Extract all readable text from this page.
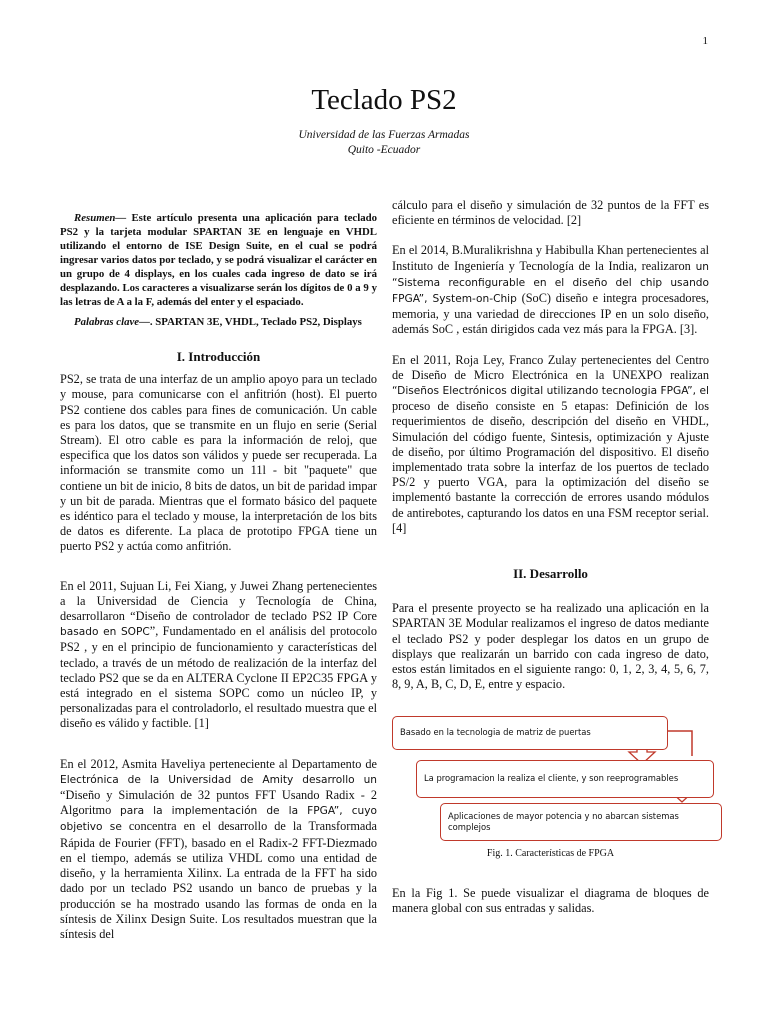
1
Teclado PS2
Universidad de las Fuerzas Armadas
Quito -Ecuador

Resumen— Este artículo presenta una aplicación para teclado PS2 y la tarjeta modular SPARTAN 3E en lenguaje en VHDL utilizando el entorno de ISE Design Suite, en el cual se podrá ingresar varios datos por teclado, y se podrá visualizar el carácter en un grupo de 4 displays, en los cuales cada ingreso de dato se irá desplazando. Los caracteres a visualizarse serán los dígitos de 0 a 9 y las letras de A a la F, además del enter y el espaciado.

Palabras clave—. SPARTAN 3E, VHDL, Teclado PS2, Displays

I. Introducción

PS2, se trata de una interfaz de un amplio apoyo para un teclado y mouse, para comunicarse con el anfitrión (host). El puerto PS2 contiene dos cables para fines de comunicación. Un cable es para los datos, que se transmite en un flujo en serie (Serial Stream). El otro cable es para la información de reloj, que especifica que los datos son válidos y puede ser recuperada. La información se transmite como un 11l - bit "paquete" que contiene un bit de inicio, 8 bits de datos, un bit de paridad impar y un bit de parada. Mientras que el formato básico del paquete es idéntico para el teclado y mouse, la interpretación de los bits de datos es diferente. La placa de prototipo FPGA tiene un puerto PS2 y actúa como anfitrión.

En el 2011, Sujuan Li, Fei Xiang, y Juwei Zhang pertenecientes a la Universidad de Ciencia y Tecnología de China, desarrollaron “Diseño de controlador de teclado PS2 IP Core basado en SOPC”, Fundamentado en el análisis del protocolo PS2 , y en el principio de funcionamiento y características del teclado, a través de un método de realización de la interfaz del teclado PS2 que se da en ALTERA Cyclone II EP2C35 FPGA y está integrado en el sistema SOPC como un núcleo IP, y personalizadas para el controladorlo, el resultado muestra que el diseño es válido y factible. [1]

En el 2012, Asmita Haveliya perteneciente al Departamento de Electrónica de la Universidad de Amity desarrollo un “Diseño y Simulación de 32 puntos FFT Usando Radix - 2 Algoritmo para la implementación de la FPGA”, cuyo objetivo se concentra en el desarrollo de la Transformada Rápida de Fourier (FFT), basado en el Radix-2 FFT-Diezmado en el tiempo, además se utiliza VHDL como una entidad de diseño, y la herramienta Xilinx. La entrada de la FFT ha sido dado por un teclado PS2 usando un banco de pruebas y la producción se ha mostrado usando las formas de onda en la síntesis de Xilinx Design Suite. Los resultados muestran que la síntesis del

cálculo para el diseño y simulación de 32 puntos de la FFT es eficiente en términos de velocidad. [2]

En el 2014, B.Muralikrishna y Habibulla Khan pertenecientes al Instituto de Ingeniería y Tecnología de la India, realizaron un “Sistema reconfigurable en el diseño del chip usando FPGA”, System-on-Chip (SoC) diseño e integra procesadores, memoria, y una variedad de direcciones IP en un solo diseño, además SoC , están dirigidos cada vez más para la FPGA. [3].

En el 2011, Roja Ley, Franco Zulay pertenecientes del Centro de Diseño de Micro Electrónica en la UNEXPO realizan “Diseños Electrónicos digital utilizando tecnologia FPGA”, el proceso de diseño consiste en 5 etapas: Definición de los requerimientos de diseño, descripción del diseño en VHDL, Simulación del código fuente, Sintesis, optimización y Ajuste de diseño, por último Programación del dispositivo. El diseño implementado trata sobre la interfaz de los puertos de teclado PS/2 y puerto VGA, para la optimización del diseño se implementó bastante la corrección de errores usando módulos de antirebotes, capturando los datos en una FSM receptor serial. [4]

II. Desarrollo

Para el presente proyecto se ha realizado una aplicación en la SPARTAN 3E Modular realizamos el ingreso de datos mediante el teclado PS2 y poder desplegar los datos en un grupo de displays que realizarán un barrido con cada ingreso de dato, estos están limitados en el siguiente rango: 0, 1, 2, 3, 4, 5, 6, 7, 8, 9, A, B, C, D, E, entre y espacio.

Basado en la tecnologia de matriz de puertas
La programacion la realiza el cliente, y son reeprogramables
Aplicaciones de mayor potencia y no abarcan sistemas complejos
Fig. 1. Características de FPGA

En la Fig 1. Se puede visualizar el diagrama de bloques de manera global con sus entradas y salidas.
